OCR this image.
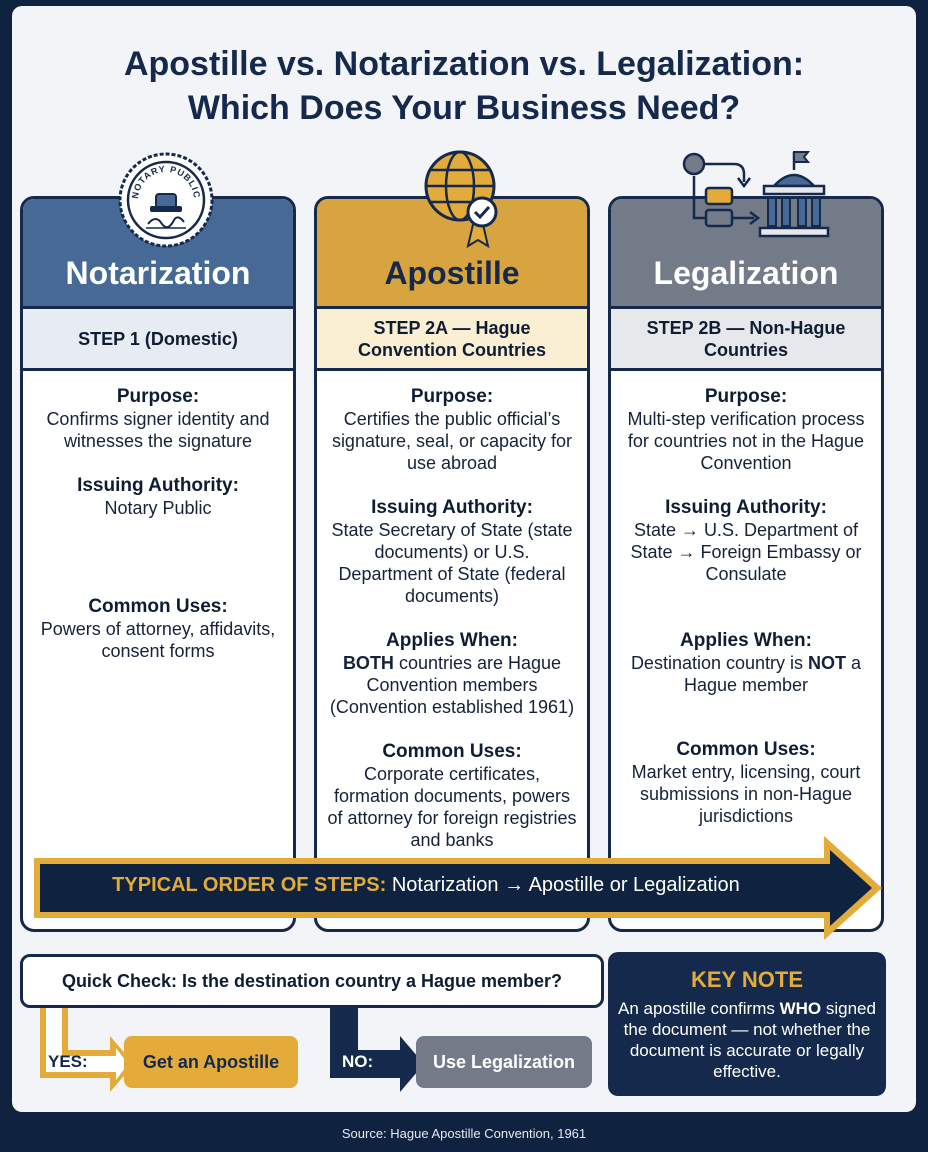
Apostille vs. Notarization vs. Legalization:
Which Does Your Business Need?
Notarization
STEP 1 (Domestic)
Purpose:
Confirms signer identity and witnesses the signature
Issuing Authority:
Notary Public
Common Uses:
Powers of attorney, affidavits, consent forms
Apostille
STEP 2A — Hague
Convention Countries
Purpose:
Certifies the public official’s signature, seal, or capacity for use abroad
Issuing Authority:
State Secretary of State (state documents) or U.S. Department of State (federal documents)
Applies When:
BOTH countries are Hague Convention members (Convention established 1961)
Common Uses:
Corporate certificates, formation documents, powers of attorney for foreign registries and banks
Legalization
STEP 2B — Non-Hague
Countries
Purpose:
Multi-step verification process for countries not in the Hague Convention
Issuing Authority:
State → U.S. Department of State → Foreign Embassy or Consulate
Applies When:
Destination country is NOT a Hague member
Common Uses:
Market entry, licensing, court submissions in non-Hague jurisdictions
NOTARY PUBLIC
TYPICAL ORDER OF STEPS: Notarization → Apostille or Legalization
Quick Check: Is the destination country a Hague member?
YES:	NO:
Get an Apostille	Use Legalization
KEY NOTE
An apostille confirms WHO signed the document — not whether the document is accurate or legally effective.
Source: Hague Apostille Convention, 1961
